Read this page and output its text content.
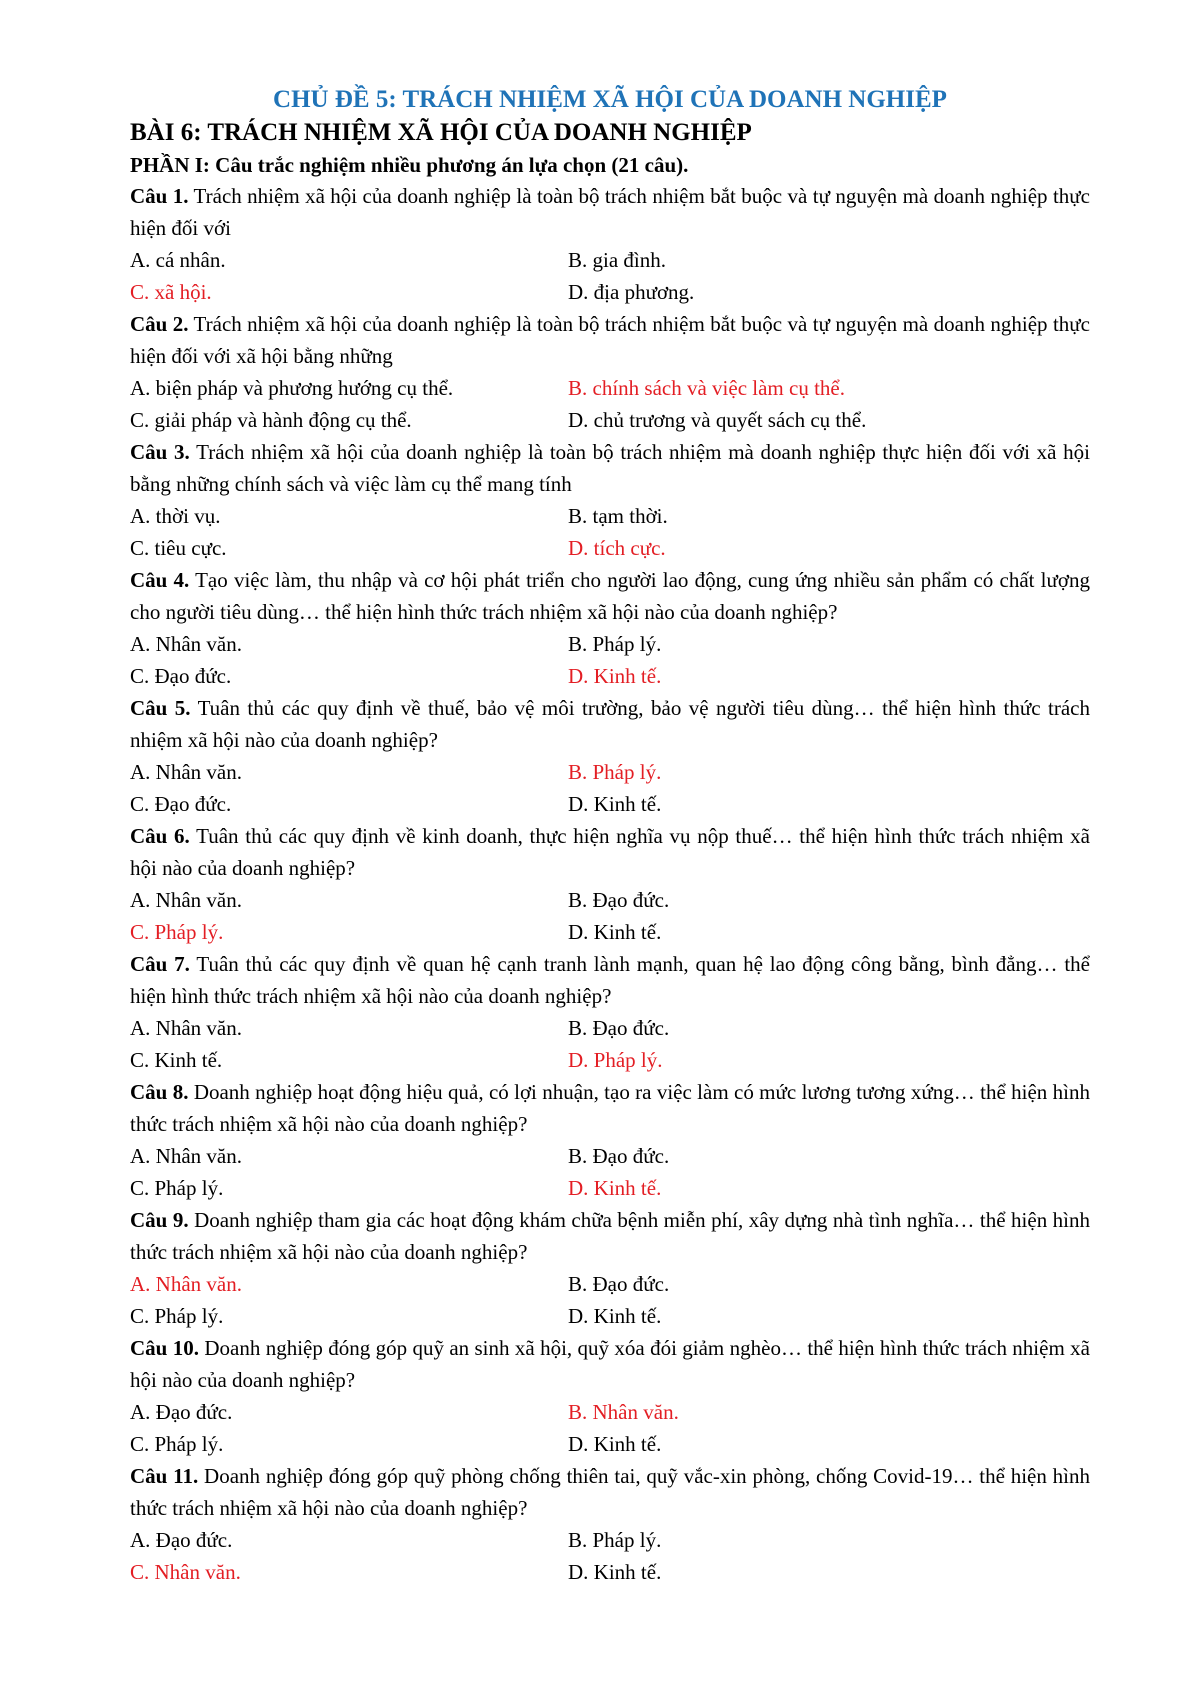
CHỦ ĐỀ 5: TRÁCH NHIỆM XÃ HỘI CỦA DOANH NGHIỆP

BÀI 6: TRÁCH NHIỆM XÃ HỘI CỦA DOANH NGHIỆP

PHẦN I: Câu trắc nghiệm nhiều phương án lựa chọn (21 câu).

Câu 1. Trách nhiệm xã hội của doanh nghiệp là toàn bộ trách nhiệm bắt buộc và tự nguyện mà doanh nghiệp thực hiện đối với

A. cá nhân.	B. gia đình.
C. xã hội.	D. địa phương.

Câu 2. Trách nhiệm xã hội của doanh nghiệp là toàn bộ trách nhiệm bắt buộc và tự nguyện mà doanh nghiệp thực hiện đối với xã hội bằng những

A. biện pháp và phương hướng cụ thể.	B. chính sách và việc làm cụ thể.
C. giải pháp và hành động cụ thể.	D. chủ trương và quyết sách cụ thể.

Câu 3. Trách nhiệm xã hội của doanh nghiệp là toàn bộ trách nhiệm mà doanh nghiệp thực hiện đối với xã hội bằng những chính sách và việc làm cụ thể mang tính

A. thời vụ.	B. tạm thời.
C. tiêu cực.	D. tích cực.

Câu 4. Tạo việc làm, thu nhập và cơ hội phát triển cho người lao động, cung ứng nhiều sản phẩm có chất lượng cho người tiêu dùng… thể hiện hình thức trách nhiệm xã hội nào của doanh nghiệp?

A. Nhân văn.	B. Pháp lý.
C. Đạo đức.	D. Kinh tế.

Câu 5. Tuân thủ các quy định về thuế, bảo vệ môi trường, bảo vệ người tiêu dùng… thể hiện hình thức trách nhiệm xã hội nào của doanh nghiệp?

A. Nhân văn.	B. Pháp lý.
C. Đạo đức.	D. Kinh tế.

Câu 6. Tuân thủ các quy định về kinh doanh, thực hiện nghĩa vụ nộp thuế… thể hiện hình thức trách nhiệm xã hội nào của doanh nghiệp?

A. Nhân văn.	B. Đạo đức.
C. Pháp lý.	D. Kinh tế.

Câu 7. Tuân thủ các quy định về quan hệ cạnh tranh lành mạnh, quan hệ lao động công bằng, bình đẳng… thể hiện hình thức trách nhiệm xã hội nào của doanh nghiệp?

A. Nhân văn.	B. Đạo đức.
C. Kinh tế.	D. Pháp lý.

Câu 8. Doanh nghiệp hoạt động hiệu quả, có lợi nhuận, tạo ra việc làm có mức lương tương xứng… thể hiện hình thức trách nhiệm xã hội nào của doanh nghiệp?

A. Nhân văn.	B. Đạo đức.
C. Pháp lý.	D. Kinh tế.

Câu 9. Doanh nghiệp tham gia các hoạt động khám chữa bệnh miễn phí, xây dựng nhà tình nghĩa… thể hiện hình thức trách nhiệm xã hội nào của doanh nghiệp?

A. Nhân văn.	B. Đạo đức.
C. Pháp lý.	D. Kinh tế.

Câu 10. Doanh nghiệp đóng góp quỹ an sinh xã hội, quỹ xóa đói giảm nghèo… thể hiện hình thức trách nhiệm xã hội nào của doanh nghiệp?

A. Đạo đức.	B. Nhân văn.
C. Pháp lý.	D. Kinh tế.

Câu 11. Doanh nghiệp đóng góp quỹ phòng chống thiên tai, quỹ vắc-xin phòng, chống Covid-19… thể hiện hình thức trách nhiệm xã hội nào của doanh nghiệp?

A. Đạo đức.	B. Pháp lý.
C. Nhân văn.	D. Kinh tế.
